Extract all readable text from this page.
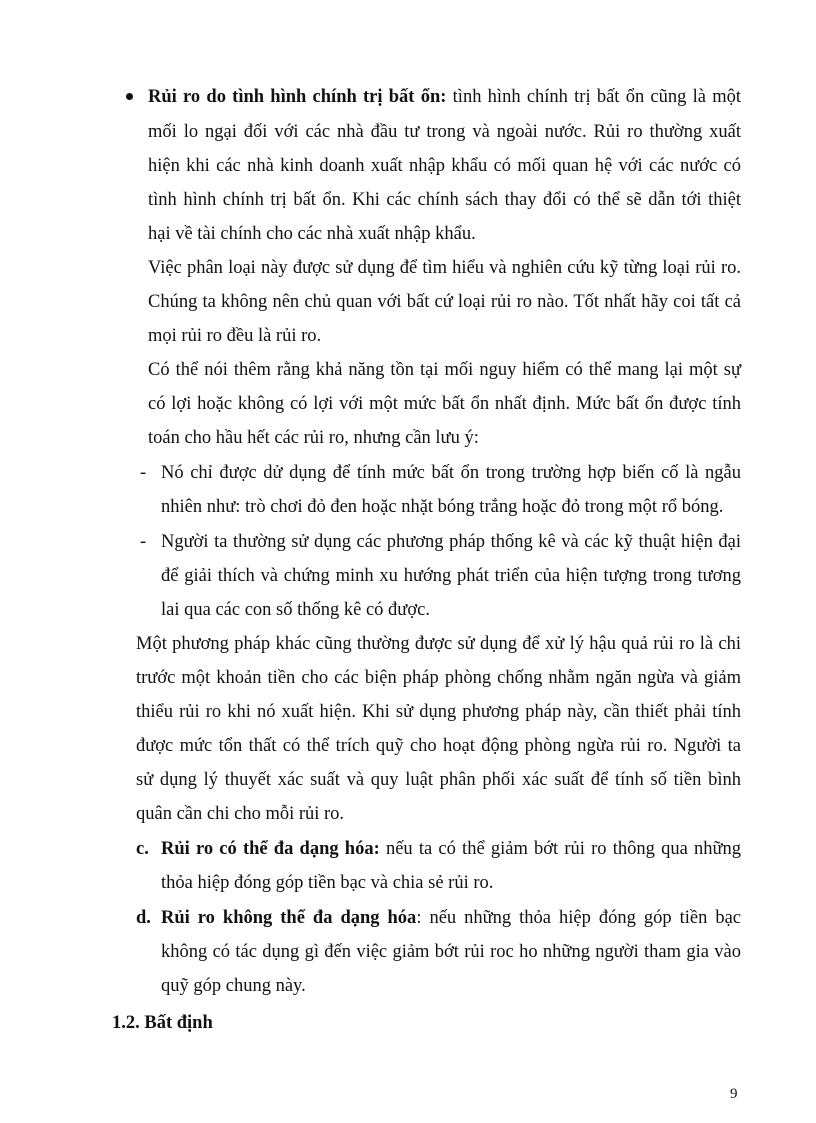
Rủi ro do tình hình chính trị bất ổn: tình hình chính trị bất ổn cũng là một
mối lo ngại đối với các nhà đầu tư trong và ngoài nước. Rủi ro thường xuất
hiện khi các nhà kinh doanh xuất nhập khẩu có mối quan hệ với các nước có
tình hình chính trị bất ổn. Khi các chính sách thay đổi có thể sẽ dẫn tới thiệt
hại về tài chính cho các nhà xuất nhập khẩu.
Việc phân loại này được sử dụng để tìm hiểu và nghiên cứu kỹ từng loại rủi ro.
Chúng ta không nên chủ quan với bất cứ loại rủi ro nào. Tốt nhất hãy coi tất cả
mọi rủi ro đều là rủi ro.
Có thể nói thêm rằng khả năng tồn tại mối nguy hiểm có thể mang lại một sự
có lợi hoặc không có lợi với một mức bất ổn nhất định. Mức bất ổn được tính
toán cho hầu hết các rủi ro, nhưng cần lưu ý:
- Nó chỉ được dử dụng để tính mức bất ổn trong trường hợp biến cố là ngẫu
nhiên như: trò chơi đỏ đen hoặc nhặt bóng trắng hoặc đỏ trong một rổ bóng.
- Người ta thường sử dụng các phương pháp thống kê và các kỹ thuật hiện đại
để giải thích và chứng minh xu hướng phát triển của hiện tượng trong tương
lai qua các con số thống kê có được.
Một phương pháp khác cũng thường được sử dụng để xử lý hậu quả rủi ro là chi
trước một khoản tiền cho các biện pháp phòng chống nhằm ngăn ngừa và giảm
thiểu rủi ro khi nó xuất hiện. Khi sử dụng phương pháp này, cần thiết phải tính
được mức tổn thất có thể trích quỹ cho hoạt động phòng ngừa rủi ro. Người ta
sử dụng lý thuyết xác suất và quy luật phân phối xác suất để tính số tiền bình
quân cần chi cho mỗi rủi ro.
c. Rủi ro có thể đa dạng hóa: nếu ta có thể giảm bớt rủi ro thông qua những
thỏa hiệp đóng góp tiền bạc và chia sẻ rủi ro.
d. Rủi ro không thể đa dạng hóa: nếu những thỏa hiệp đóng góp tiền bạc
không có tác dụng gì đến việc giảm bớt rủi roc ho những người tham gia vào
quỹ góp chung này.
1.2. Bất định
9
